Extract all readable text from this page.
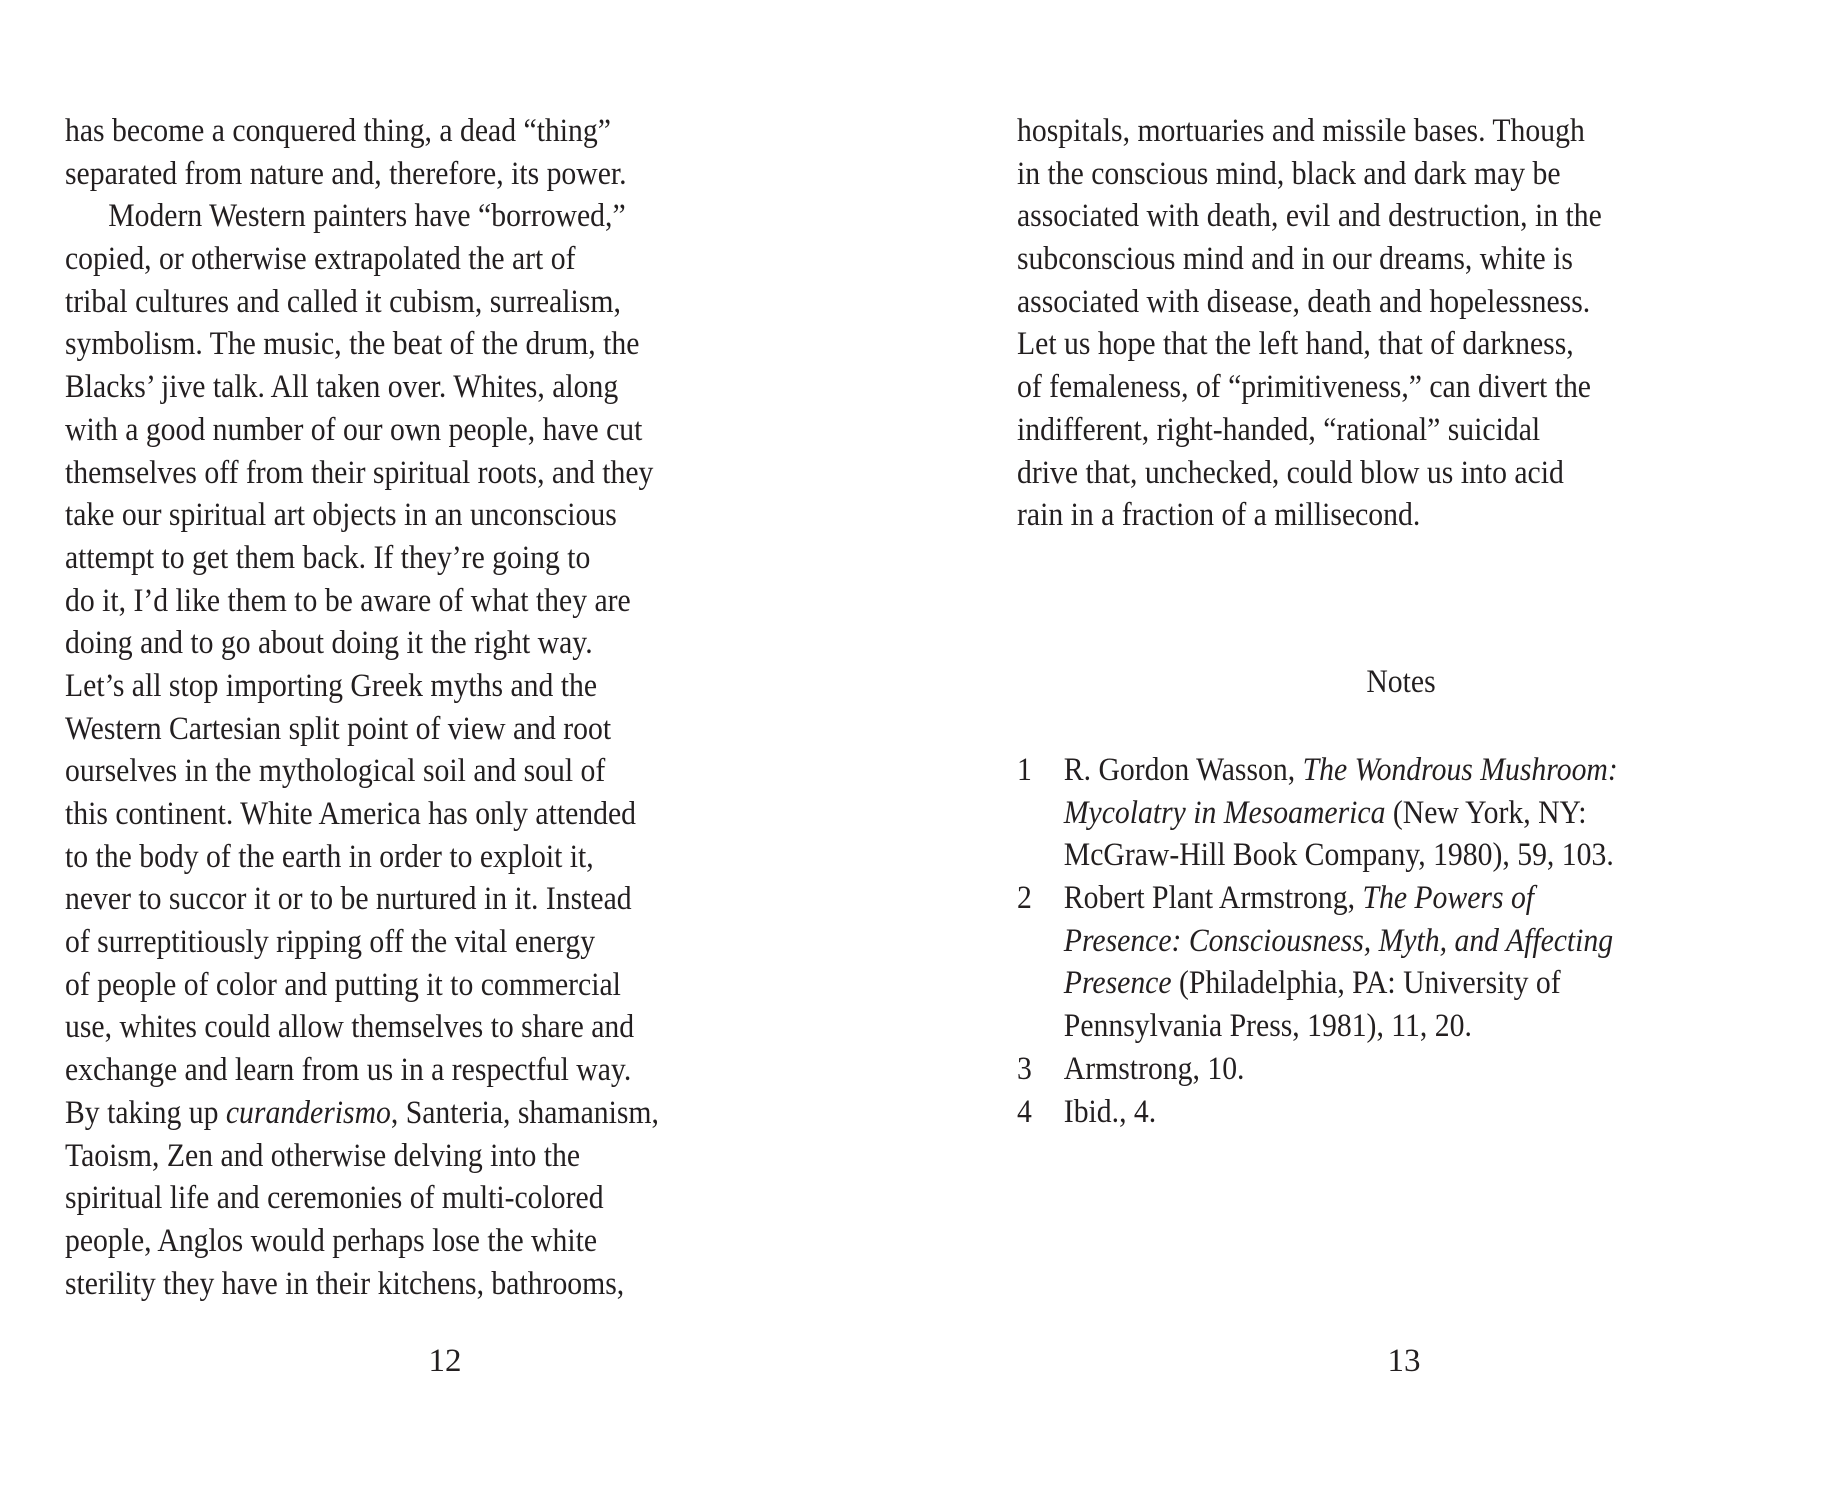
has become a conquered thing, a dead “thing”
separated from nature and, therefore, its power.
Modern Western painters have “borrowed,”
copied, or otherwise extrapolated the art of
tribal cultures and called it cubism, surrealism,
symbolism. The music, the beat of the drum, the
Blacks’ jive talk. All taken over. Whites, along
with a good number of our own people, have cut
themselves off from their spiritual roots, and they
take our spiritual art objects in an unconscious
attempt to get them back. If they’re going to
do it, I’d like them to be aware of what they are
doing and to go about doing it the right way.
Let’s all stop importing Greek myths and the
Western Cartesian split point of view and root
ourselves in the mythological soil and soul of
this continent. White America has only attended
to the body of the earth in order to exploit it,
never to succor it or to be nurtured in it. Instead
of surreptitiously ripping off the vital energy
of people of color and putting it to commercial
use, whites could allow themselves to share and
exchange and learn from us in a respectful way.
By taking up curanderismo, Santeria, shamanism,
Taoism, Zen and otherwise delving into the
spiritual life and ceremonies of multi-colored
people, Anglos would perhaps lose the white
sterility they have in their kitchens, bathrooms,
12
hospitals, mortuaries and missile bases. Though
in the conscious mind, black and dark may be
associated with death, evil and destruction, in the
subconscious mind and in our dreams, white is
associated with disease, death and hopelessness.
Let us hope that the left hand, that of darkness,
of femaleness, of “primitiveness,” can divert the
indifferent, right-handed, “rational” suicidal
drive that, unchecked, could blow us into acid
rain in a fraction of a millisecond.
Notes
1 R. Gordon Wasson, The Wondrous Mushroom:
Mycolatry in Mesoamerica (New York, NY:
McGraw-Hill Book Company, 1980), 59, 103.
2 Robert Plant Armstrong, The Powers of
Presence: Consciousness, Myth, and Affecting
Presence (Philadelphia, PA: University of
Pennsylvania Press, 1981), 11, 20.
3 Armstrong, 10.
4 Ibid., 4.
13
